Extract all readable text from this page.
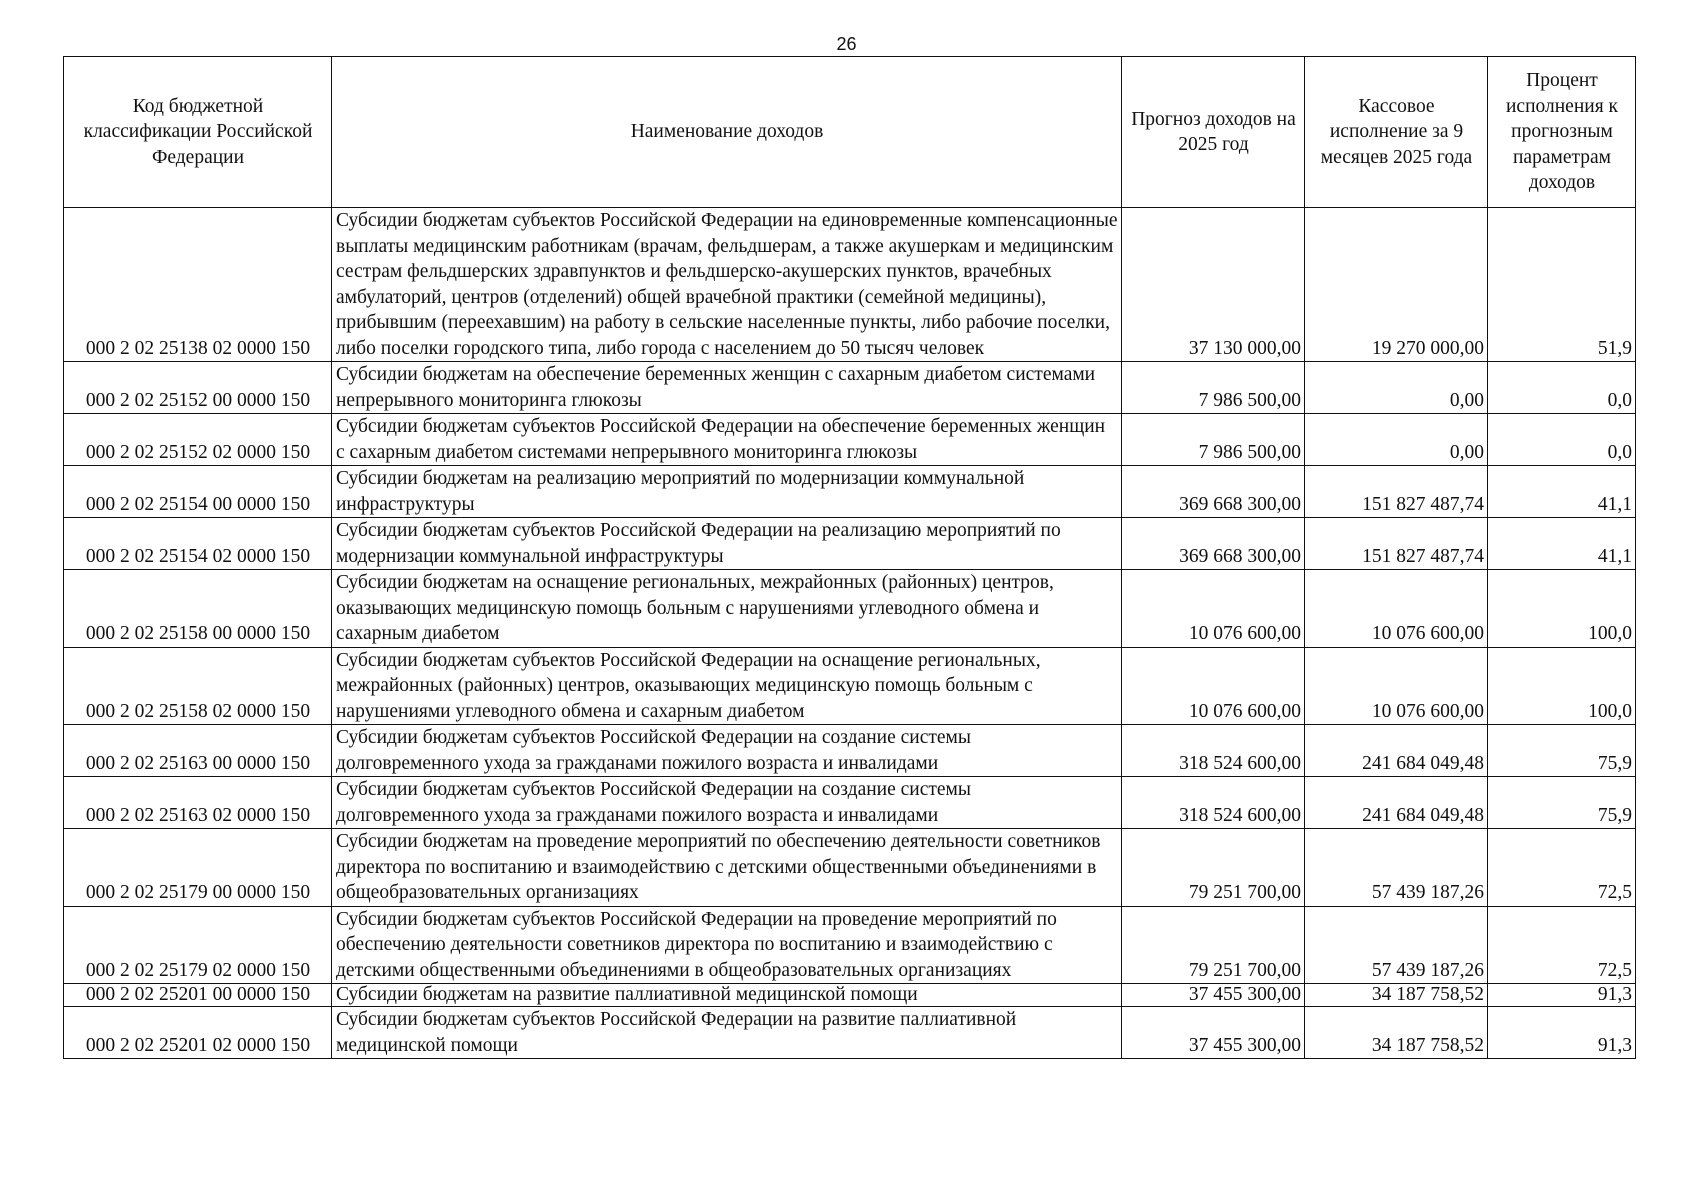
26
Код бюджетной классификации Российской Федерации	Наименование доходов	Прогноз доходов на 2025 год	Кассовое исполнение за 9 месяцев 2025 года	Процент исполнения к прогнозным параметрам доходов
000 2 02 25138 02 0000 150	Субсидии бюджетам субъектов Российской Федерации на единовременные компенсационные выплаты медицинским работникам (врачам, фельдшерам, а также акушеркам и медицинским сестрам фельдшерских здравпунктов и фельдшерско-акушерских пунктов, врачебных амбулаторий, центров (отделений) общей врачебной практики (семейной медицины), прибывшим (переехавшим) на работу в сельские населенные пункты, либо рабочие поселки, либо поселки городского типа, либо города с населением до 50 тысяч человек	37 130 000,00	19 270 000,00	51,9
000 2 02 25152 00 0000 150	Субсидии бюджетам на обеспечение беременных женщин с сахарным диабетом системами непрерывного мониторинга глюкозы	7 986 500,00	0,00	0,0
000 2 02 25152 02 0000 150	Субсидии бюджетам субъектов Российской Федерации на обеспечение беременных женщин с сахарным диабетом системами непрерывного мониторинга глюкозы	7 986 500,00	0,00	0,0
000 2 02 25154 00 0000 150	Субсидии бюджетам на реализацию мероприятий по модернизации коммунальной инфраструктуры	369 668 300,00	151 827 487,74	41,1
000 2 02 25154 02 0000 150	Субсидии бюджетам субъектов Российской Федерации на реализацию мероприятий по модернизации коммунальной инфраструктуры	369 668 300,00	151 827 487,74	41,1
000 2 02 25158 00 0000 150	Субсидии бюджетам на оснащение региональных, межрайонных (районных) центров, оказывающих медицинскую помощь больным с нарушениями углеводного обмена и сахарным диабетом	10 076 600,00	10 076 600,00	100,0
000 2 02 25158 02 0000 150	Субсидии бюджетам субъектов Российской Федерации на оснащение региональных, межрайонных (районных) центров, оказывающих медицинскую помощь больным с нарушениями углеводного обмена и сахарным диабетом	10 076 600,00	10 076 600,00	100,0
000 2 02 25163 00 0000 150	Субсидии бюджетам субъектов Российской Федерации на создание системы долговременного ухода за гражданами пожилого возраста и инвалидами	318 524 600,00	241 684 049,48	75,9
000 2 02 25163 02 0000 150	Субсидии бюджетам субъектов Российской Федерации на создание системы долговременного ухода за гражданами пожилого возраста и инвалидами	318 524 600,00	241 684 049,48	75,9
000 2 02 25179 00 0000 150	Субсидии бюджетам на проведение мероприятий по обеспечению деятельности советников директора по воспитанию и взаимодействию с детскими общественными объединениями в общеобразовательных организациях	79 251 700,00	57 439 187,26	72,5
000 2 02 25179 02 0000 150	Субсидии бюджетам субъектов Российской Федерации на проведение мероприятий по обеспечению деятельности советников директора по воспитанию и взаимодействию с детскими общественными объединениями в общеобразовательных организациях	79 251 700,00	57 439 187,26	72,5
000 2 02 25201 00 0000 150	Субсидии бюджетам на развитие паллиативной медицинской помощи	37 455 300,00	34 187 758,52	91,3
000 2 02 25201 02 0000 150	Субсидии бюджетам субъектов Российской Федерации на развитие паллиативной медицинской помощи	37 455 300,00	34 187 758,52	91,3
